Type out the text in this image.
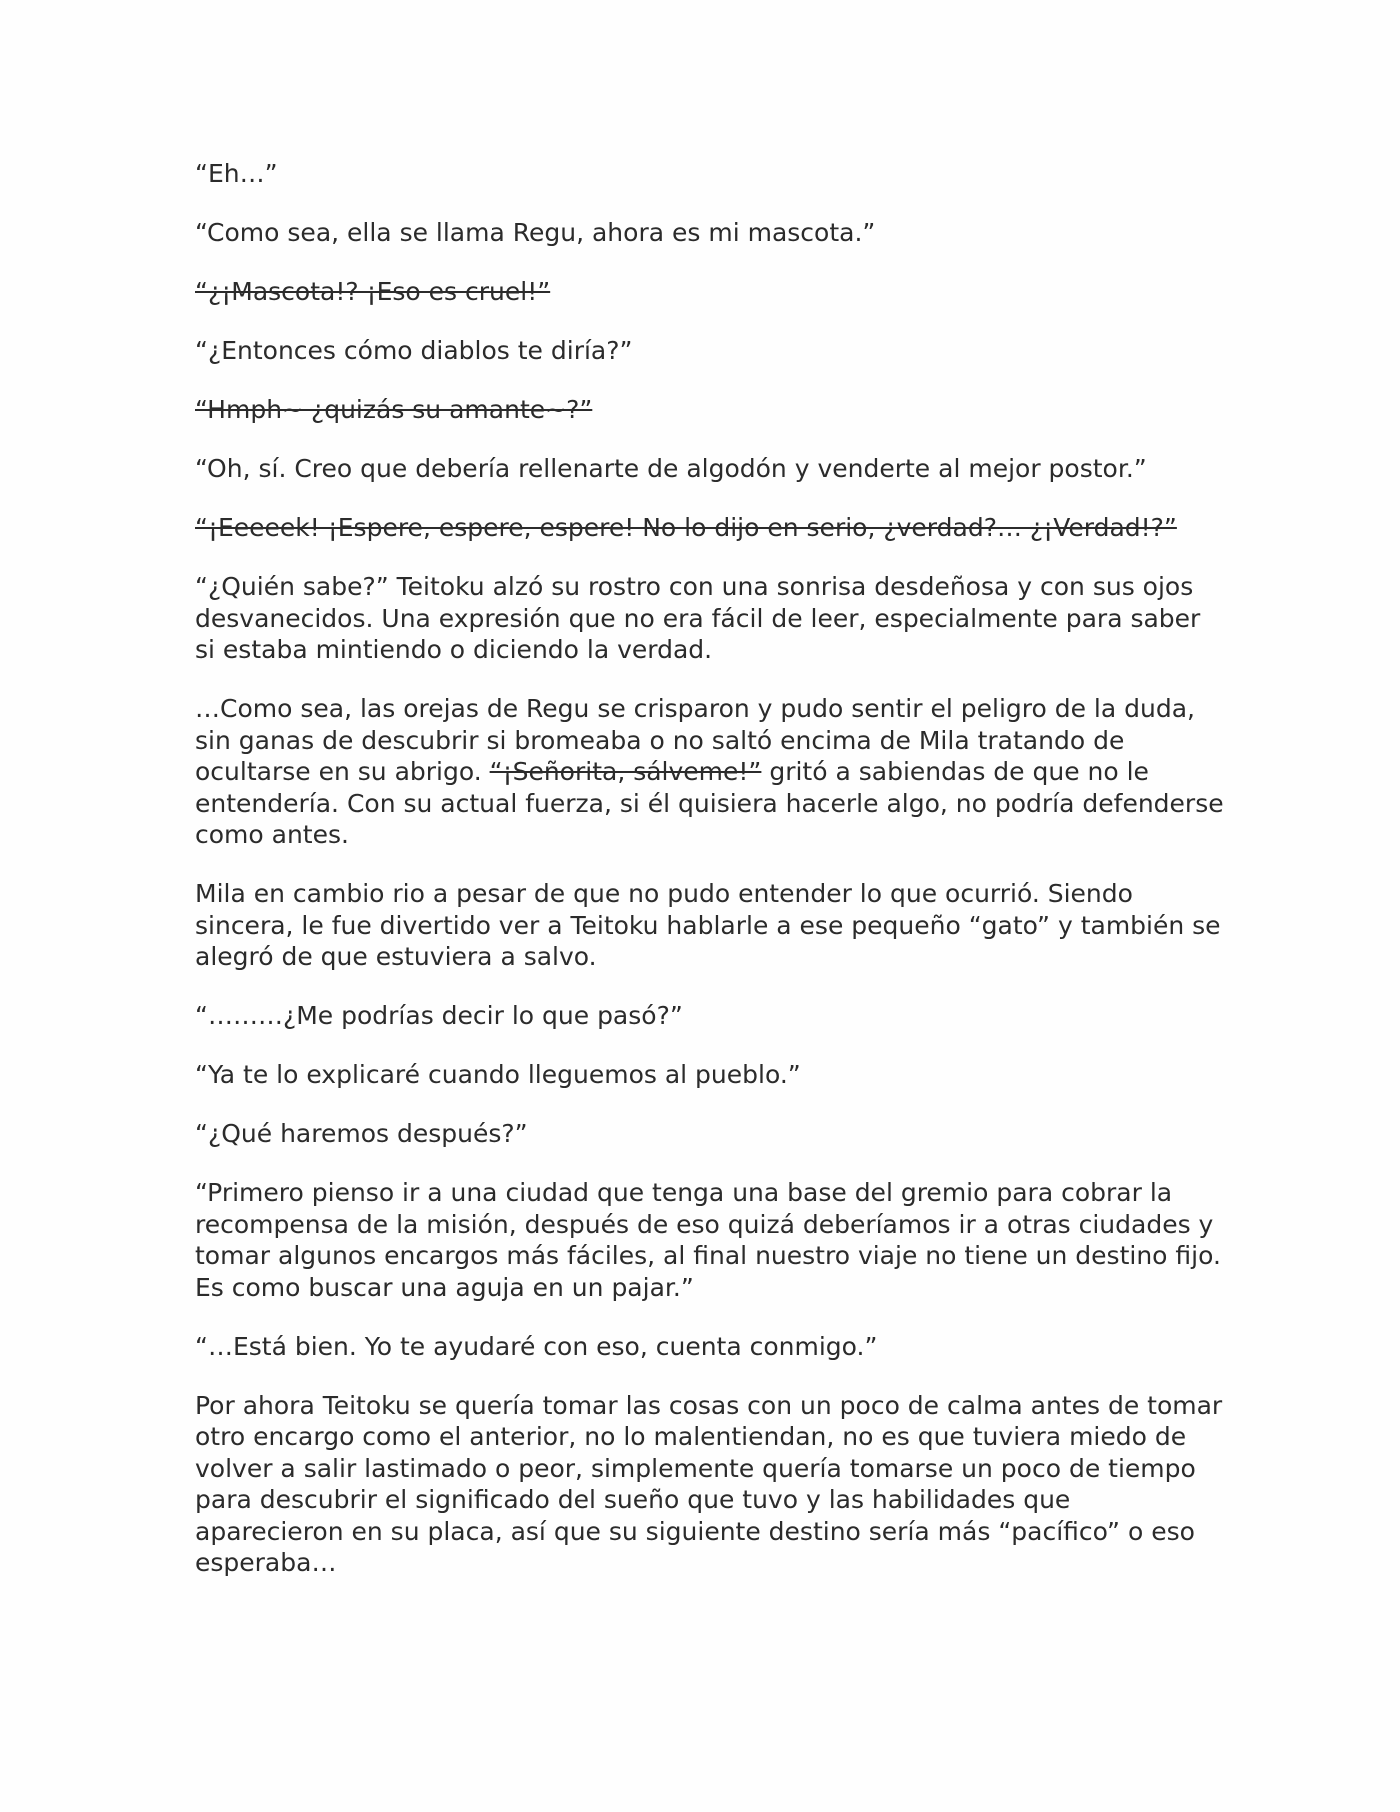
“Eh…”

“Como sea, ella se llama Regu, ahora es mi mascota.”

“¿¡Mascota!? ¡Eso es cruel!”

“¿Entonces cómo diablos te diría?”

“Hmph~ ¿quizás su amante~?”

“Oh, sí. Creo que debería rellenarte de algodón y venderte al mejor postor.”

“¡Eeeeek! ¡Espere, espere, espere! No lo dijo en serio, ¿verdad?… ¿¡Verdad!?”

“¿Quién sabe?” Teitoku alzó su rostro con una sonrisa desdeñosa y con sus ojos desvanecidos. Una expresión que no era fácil de leer, especialmente para saber si estaba mintiendo o diciendo la verdad.

…Como sea, las orejas de Regu se crisparon y pudo sentir el peligro de la duda, sin ganas de descubrir si bromeaba o no saltó encima de Mila tratando de ocultarse en su abrigo. “¡Señorita, sálveme!” gritó a sabiendas de que no le entendería. Con su actual fuerza, si él quisiera hacerle algo, no podría defenderse como antes.

Mila en cambio rio a pesar de que no pudo entender lo que ocurrió. Siendo sincera, le fue divertido ver a Teitoku hablarle a ese pequeño “gato” y también se alegró de que estuviera a salvo.

“………¿Me podrías decir lo que pasó?”

“Ya te lo explicaré cuando lleguemos al pueblo.”

“¿Qué haremos después?”

“Primero pienso ir a una ciudad que tenga una base del gremio para cobrar la recompensa de la misión, después de eso quizá deberíamos ir a otras ciudades y tomar algunos encargos más fáciles, al final nuestro viaje no tiene un destino fijo. Es como buscar una aguja en un pajar.”

“…Está bien. Yo te ayudaré con eso, cuenta conmigo.”

Por ahora Teitoku se quería tomar las cosas con un poco de calma antes de tomar otro encargo como el anterior, no lo malentiendan, no es que tuviera miedo de volver a salir lastimado o peor, simplemente quería tomarse un poco de tiempo para descubrir el significado del sueño que tuvo y las habilidades que aparecieron en su placa, así que su siguiente destino sería más “pacífico” o eso esperaba…
